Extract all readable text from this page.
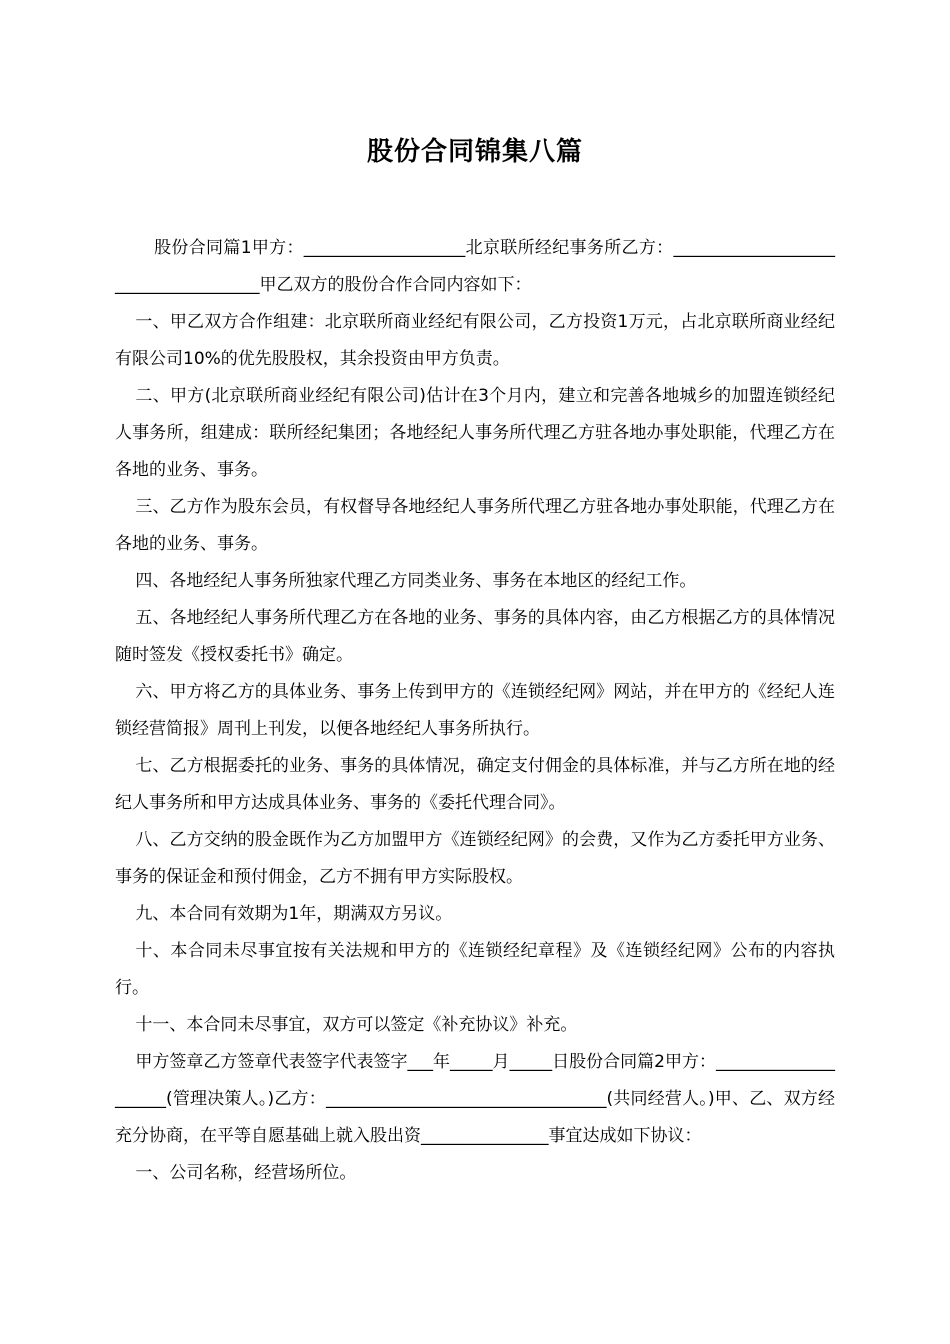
股份合同锦集八篇

股份合同篇1甲方：___________________北京联所经纪事务所乙方：____________________________________甲乙双方的股份合作合同内容如下：

一、甲乙双方合作组建：北京联所商业经纪有限公司，乙方投资1万元，占北京联所商业经纪有限公司10%的优先股股权，其余投资由甲方负责。

二、甲方(北京联所商业经纪有限公司)估计在3个月内，建立和完善各地城乡的加盟连锁经纪人事务所，组建成：联所经纪集团；各地经纪人事务所代理乙方驻各地办事处职能，代理乙方在各地的业务、事务。

三、乙方作为股东会员，有权督导各地经纪人事务所代理乙方驻各地办事处职能，代理乙方在各地的业务、事务。

四、各地经纪人事务所独家代理乙方同类业务、事务在本地区的经纪工作。

五、各地经纪人事务所代理乙方在各地的业务、事务的具体内容，由乙方根据乙方的具体情况随时签发《授权委托书》确定。

六、甲方将乙方的具体业务、事务上传到甲方的《连锁经纪网》网站，并在甲方的《经纪人连锁经营简报》周刊上刊发，以便各地经纪人事务所执行。

七、乙方根据委托的业务、事务的具体情况，确定支付佣金的具体标准，并与乙方所在地的经纪人事务所和甲方达成具体业务、事务的《委托代理合同》。

八、乙方交纳的股金既作为乙方加盟甲方《连锁经纪网》的会费，又作为乙方委托甲方业务、事务的保证金和预付佣金，乙方不拥有甲方实际股权。

九、本合同有效期为1年，期满双方另议。

十、本合同未尽事宜按有关法规和甲方的《连锁经纪章程》及《连锁经纪网》公布的内容执行。

十一、本合同未尽事宜，双方可以签定《补充协议》补充。

甲方签章乙方签章代表签字代表签字___年_____月_____日股份合同篇2甲方：____________________(管理决策人。)乙方：_________________________________(共同经营人。)甲、乙、双方经充分协商，在平等自愿基础上就入股出资_______________事宜达成如下协议：

一、公司名称，经营场所位。
